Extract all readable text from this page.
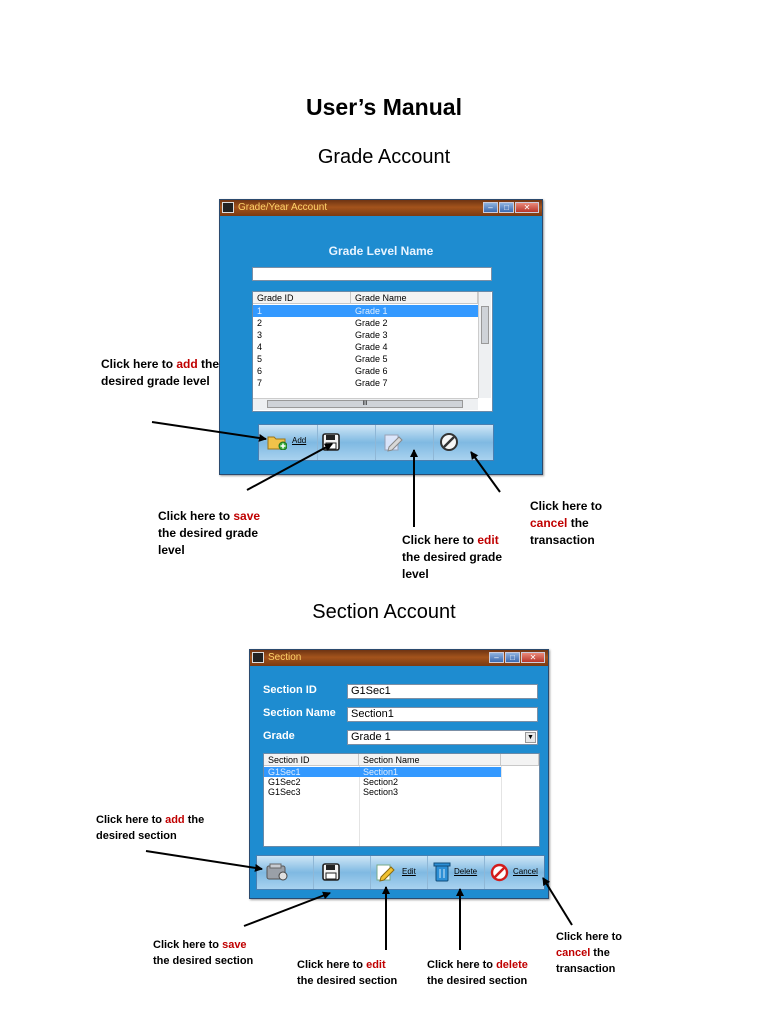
User’s Manual
Grade Account
Grade/Year Account	–	□	✕
Grade Level Name
Grade ID	Grade Name
1	Grade 1
2	Grade 2
3	Grade 3
4	Grade 4
5	Grade 5
6	Grade 6
7	Grade 7
III
Add
Click here to add the desired grade level
Click here to save the desired grade level
Click here to edit the desired grade level
Click here to cancel the transaction
Section Account
Section	–	□	✕
Section ID	G1Sec1
Section Name	Section1
Grade	Grade 1	▼
Section ID	Section Name
G1Sec1	Section1
G1Sec2	Section2
G1Sec3	Section3
Edit	Delete	Cancel
Click here to add the desired section
Click here to save the desired section	Click here to edit the desired section
Click here to delete the desired section
Click here to cancel the transaction
